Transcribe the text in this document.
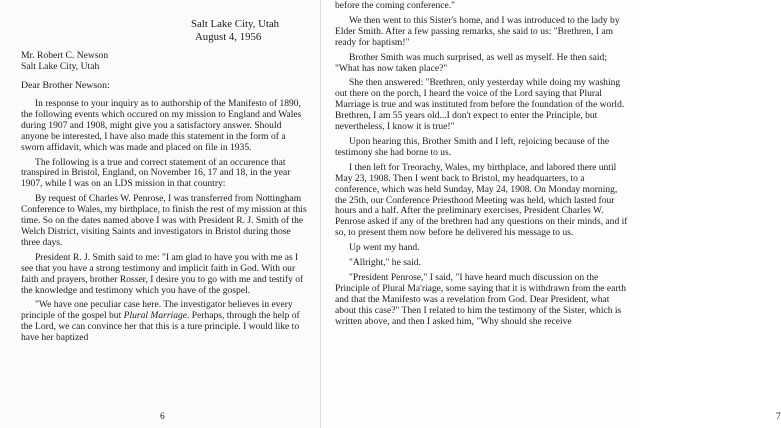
Salt Lake City, Utah
August 4, 1956
Mr. Robert C. Newson
Salt Lake City, Utah
Dear Brother Newson:

In response to your inquiry as to authorship of the Manifesto of 1890, the following events which occured on my mission to England and Wales during 1907 and 1908, might give you a satisfactory answer. Should anyone be interested, I have also made this statement in the form of a sworn affidavit, which was made and placed on file in 1935.

The following is a true and correct statement of an occurence that transpired in Bristol, England, on November 16, 17 and 18, in the year 1907, while I was on an LDS mission in that country:

By request of Charles W. Penrose, I was transferred from Nottingham Conference to Wales, my birthplace, to finish the rest of my mission at this time. So on the dates named above I was with President R. J. Smith of the Welch District, visiting Saints and investigators in Bristol during those three days.

President R. J. Smith said to me: "I am glad to have you with me as I see that you have a strong testimony and implicit faith in God. With our faith and prayers, brother Rosser, I desire you to go with me and testify of the knowledge and testimony which you have of the gospel.

"We have one peculiar case here. The investigator believes in every principle of the gospel but Plural Marriage. Perhaps, through the help of the Lord, we can convince her that this is a ture principle. I would like to have her baptized

6

before the coming conference."

We then went to this Sister's home, and I was introduced to the lady by Elder Smith. After a few passing remarks, she said to us: "Brethren, I am ready for baptism!"

Brother Smith was much surprised, as well as myself. He then said; "What has now taken place?"

She then answered: "Brethren, only yesterday while doing my washing out there on the porch, I heard the voice of the Lord saying that Plural Marriage is true and was instituted from before the foundation of the world. Brethren, I am 55 years old...I don't expect to enter the Principle, but nevertheless, I know it is true!"

Upon hearing this, Brother Smith and I left, rejoicing because of the testimony she had borne to us.

I then left for Treorachy, Wales, my birthplace, and labored there until May 23, 1908. Then I went back to Bristol, my headquarters, to a conference, which was held Sunday, May 24, 1908. On Monday morning, the 25th, our Conference Priesthood Meeting was held, which lasted four hours and a half. After the preliminary exercises, President Charles W. Penrose asked if any of the brethren had any questions on their minds, and if so, to present them now before he delivered his message to us.

Up went my hand.

"Allright," he said.

"President Penrose," I said, "I have heard much discussion on the Principle of Plural Ma'riage, some saying that it is withdrawn from the earth and that the Manifesto was a revelation from God. Dear President, what about this case?" Then I related to him the testimony of the Sister, which is written above, and then I asked him, "Why should she receive

7
